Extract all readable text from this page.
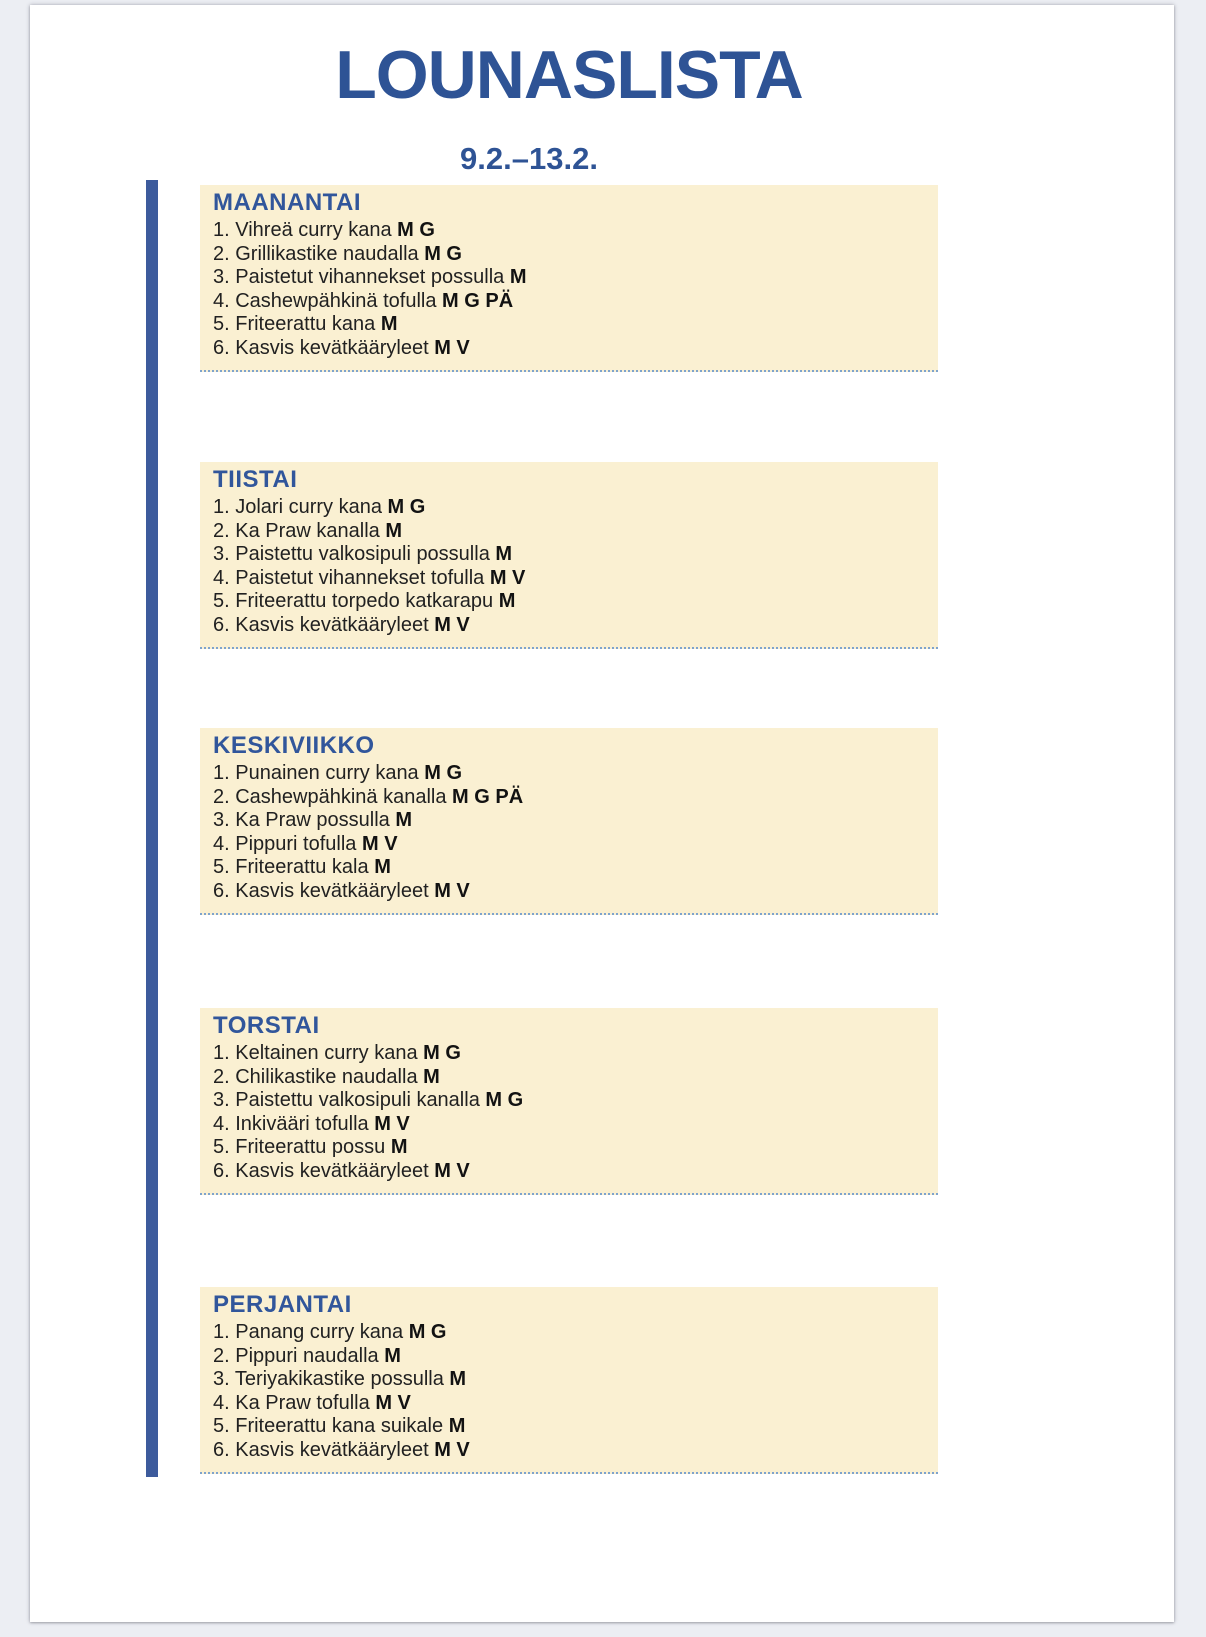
LOUNASLISTA
9.2.–13.2.
MAANANTAI
1. Vihreä curry kana M G
2. Grillikastike naudalla M G
3. Paistetut vihannekset possulla M
4. Cashewpähkinä tofulla M G PÄ
5. Friteerattu kana M
6. Kasvis kevätkääryleet M V
TIISTAI
1. Jolari curry kana M G
2. Ka Praw kanalla M
3. Paistettu valkosipuli possulla M
4. Paistetut vihannekset tofulla M V
5. Friteerattu torpedo katkarapu M
6. Kasvis kevätkääryleet M V
KESKIVIIKKO
1. Punainen curry kana M G
2. Cashewpähkinä kanalla M G PÄ
3. Ka Praw possulla M
4. Pippuri tofulla M V
5. Friteerattu kala M
6. Kasvis kevätkääryleet M V
TORSTAI
1. Keltainen curry kana M G
2. Chilikastike naudalla M
3. Paistettu valkosipuli kanalla M G
4. Inkivääri tofulla M V
5. Friteerattu possu M
6. Kasvis kevätkääryleet M V
PERJANTAI
1. Panang curry kana M G
2. Pippuri naudalla M
3. Teriyakikastike possulla M
4. Ka Praw tofulla M V
5. Friteerattu kana suikale M
6. Kasvis kevätkääryleet M V
